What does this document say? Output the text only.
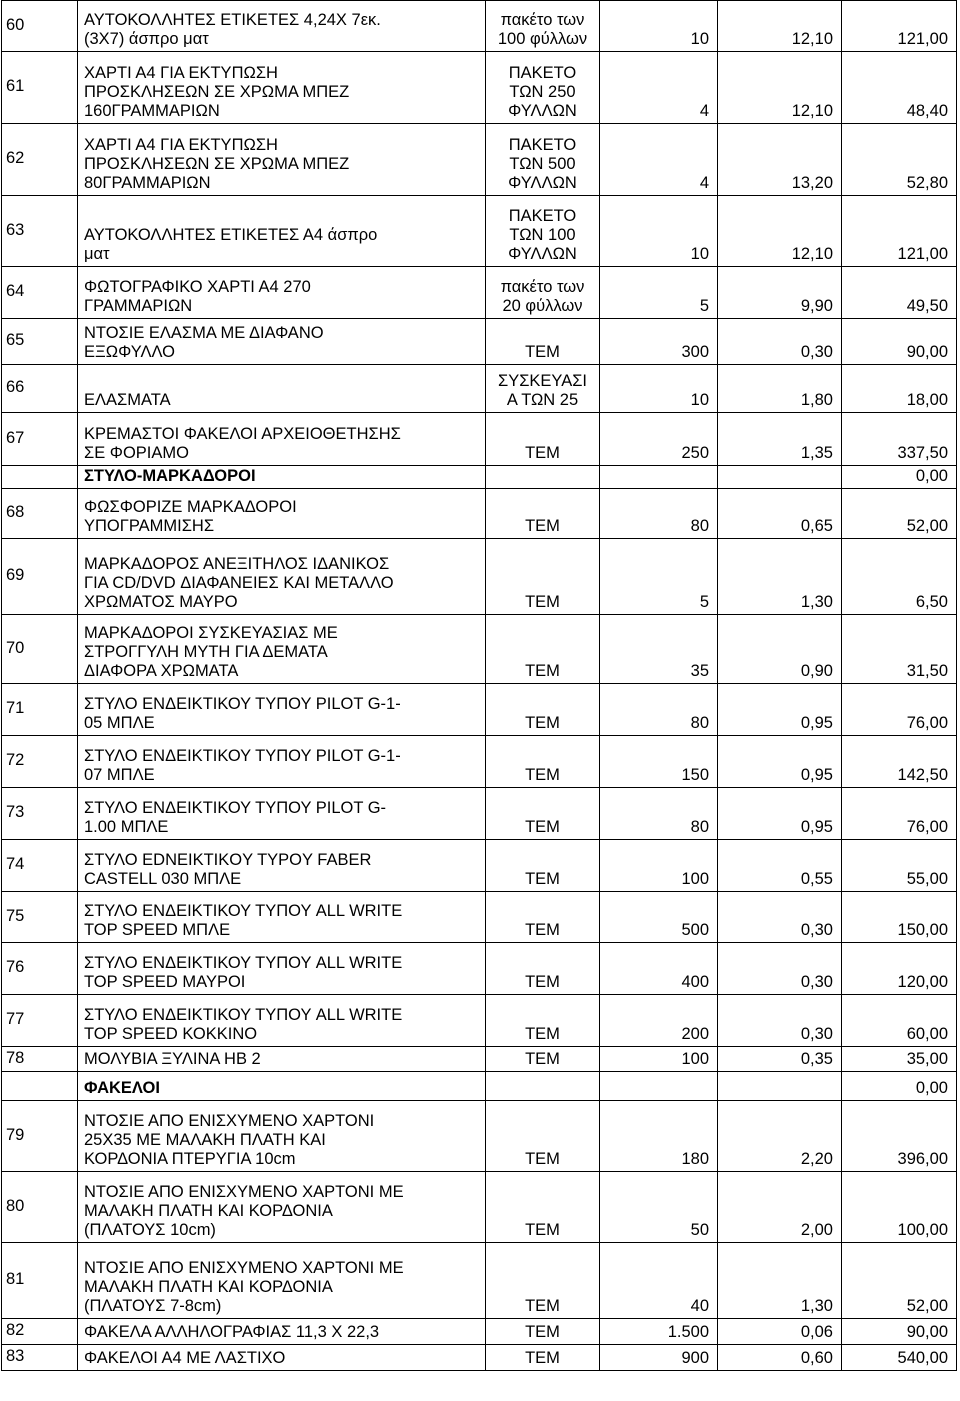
60	ΑΥΤΟΚΟΛΛΗΤΕΣ ΕΤΙΚΕΤΕΣ 4,24Χ 7εκ.
(3Χ7) άσπρο ματ	πακέτο των
100 φύλλων	10	12,10	121,00
61	ΧΑΡΤΙ Α4 ΓΙΑ ΕΚΤΥΠΩΣΗ
ΠΡΟΣΚΛΗΣΕΩΝ ΣΕ ΧΡΩΜΑ ΜΠΕΖ
160ΓΡΑΜΜΑΡΙΩΝ	ΠΑΚΕΤΟ
ΤΩΝ 250
ΦΥΛΛΩΝ	4	12,10	48,40
62	ΧΑΡΤΙ Α4 ΓΙΑ ΕΚΤΥΠΩΣΗ
ΠΡΟΣΚΛΗΣΕΩΝ ΣΕ ΧΡΩΜΑ ΜΠΕΖ
80ΓΡΑΜΜΑΡΙΩΝ	ΠΑΚΕΤΟ
ΤΩΝ 500
ΦΥΛΛΩΝ	4	13,20	52,80
63	ΑΥΤΟΚΟΛΛΗΤΕΣ ΕΤΙΚΕΤΕΣ Α4 άσπρο
ματ	ΠΑΚΕΤΟ
ΤΩΝ 100
ΦΥΛΛΩΝ	10	12,10	121,00
64	ΦΩΤΟΓΡΑΦΙΚΟ ΧΑΡΤΙ Α4 270
ΓΡΑΜΜΑΡΙΩΝ	πακέτο των
20 φύλλων	5	9,90	49,50
65	ΝΤΟΣΙΕ ΕΛΑΣΜΑ ΜΕ ΔΙΑΦΑΝΟ
ΕΞΩΦΥΛΛΟ	ΤΕΜ	300	0,30	90,00
66	ΕΛΑΣΜΑΤΑ	ΣΥΣΚΕΥΑΣΙ
Α ΤΩΝ 25	10	1,80	18,00
67	ΚΡΕΜΑΣΤΟΙ ΦΑΚΕΛΟΙ ΑΡΧΕΙΟΘΕΤΗΣΗΣ
ΣΕ ΦΟΡΙΑΜΟ	ΤΕΜ	250	1,35	337,50
	ΣΤΥΛΟ-ΜΑΡΚΑΔΟΡΟΙ				0,00
68	ΦΩΣΦΟΡΙΖΕ ΜΑΡΚΑΔΟΡΟΙ
ΥΠΟΓΡΑΜΜΙΣΗΣ	ΤΕΜ	80	0,65	52,00
69	ΜΑΡΚΑΔΟΡΟΣ ΑΝΕΞΙΤΗΛΟΣ ΙΔΑΝΙΚΟΣ
ΓΙΑ CD/DVD ΔΙΑΦΑΝΕΙΕΣ ΚΑΙ ΜΕΤΑΛΛΟ
ΧΡΩΜΑΤΟΣ ΜΑΥΡΟ	ΤΕΜ	5	1,30	6,50
70	ΜΑΡΚΑΔΟΡΟΙ ΣΥΣΚΕΥΑΣΙΑΣ ΜΕ
ΣΤΡΟΓΓΥΛΗ ΜΥΤΗ ΓΙΑ ΔΕΜΑΤΑ
ΔΙΑΦΟΡΑ ΧΡΩΜΑΤΑ	ΤΕΜ	35	0,90	31,50
71	ΣΤΥΛΟ ΕΝΔΕΙΚΤΙΚΟΥ ΤΥΠΟΥ PILOT G-1-
05 ΜΠΛΕ	ΤΕΜ	80	0,95	76,00
72	ΣΤΥΛΟ ΕΝΔΕΙΚΤΙΚΟΥ ΤΥΠΟΥ PILOT G-1-
07 ΜΠΛΕ	ΤΕΜ	150	0,95	142,50
73	ΣΤΥΛΟ ΕΝΔΕΙΚΤΙΚΟΥ ΤΥΠΟΥ PILOT G-
1.00 ΜΠΛΕ	ΤΕΜ	80	0,95	76,00
74	ΣΤΥΛΟ EDNEIKTIKOY TYPOY FABER
CASTELL 030 ΜΠΛΕ	ΤΕΜ	100	0,55	55,00
75	ΣΤΥΛΟ ΕΝΔΕΙΚΤΙΚΟΥ ΤΥΠΟΥ ALL WRITE
TOP SPEED ΜΠΛΕ	ΤΕΜ	500	0,30	150,00
76	ΣΤΥΛΟ ΕΝΔΕΙΚΤΙΚΟΥ ΤΥΠΟΥ ALL WRITE
TOP SPEED ΜΑΥΡΟΙ	ΤΕΜ	400	0,30	120,00
77	ΣΤΥΛΟ ΕΝΔΕΙΚΤΙΚΟΥ ΤΥΠΟΥ ALL WRITE
TOP SPEED ΚΟΚΚΙΝΟ	ΤΕΜ	200	0,30	60,00
78	ΜΟΛΥΒΙΑ ΞΥΛΙΝΑ ΗΒ 2	ΤΕΜ	100	0,35	35,00
	ΦΑΚΕΛΟΙ				0,00
79	ΝΤΟΣΙΕ ΑΠΟ ΕΝΙΣΧΥΜΕΝΟ ΧΑΡΤΟΝΙ
25Χ35 ΜΕ ΜΑΛΑΚΗ ΠΛΑΤΗ ΚΑΙ
ΚΟΡΔΟΝΙΑ ΠΤΕΡΥΓΙΑ 10cm	ΤΕΜ	180	2,20	396,00
80	ΝΤΟΣΙΕ ΑΠΟ ΕΝΙΣΧΥΜΕΝΟ ΧΑΡΤΟΝΙ ΜΕ
ΜΑΛΑΚΗ ΠΛΑΤΗ ΚΑΙ ΚΟΡΔΟΝΙΑ
(ΠΛΑΤΟΥΣ 10cm)	ΤΕΜ	50	2,00	100,00
81	ΝΤΟΣΙΕ ΑΠΟ ΕΝΙΣΧΥΜΕΝΟ ΧΑΡΤΟΝΙ ΜΕ
ΜΑΛΑΚΗ ΠΛΑΤΗ ΚΑΙ ΚΟΡΔΟΝΙΑ
(ΠΛΑΤΟΥΣ 7-8cm)	ΤΕΜ	40	1,30	52,00
82	ΦΑΚΕΛΑ ΑΛΛΗΛΟΓΡΑΦΙΑΣ 11,3 Χ 22,3	ΤΕΜ	1.500	0,06	90,00
83	ΦΑΚΕΛΟΙ Α4 ΜΕ ΛΑΣΤΙΧΟ	ΤΕΜ	900	0,60	540,00
